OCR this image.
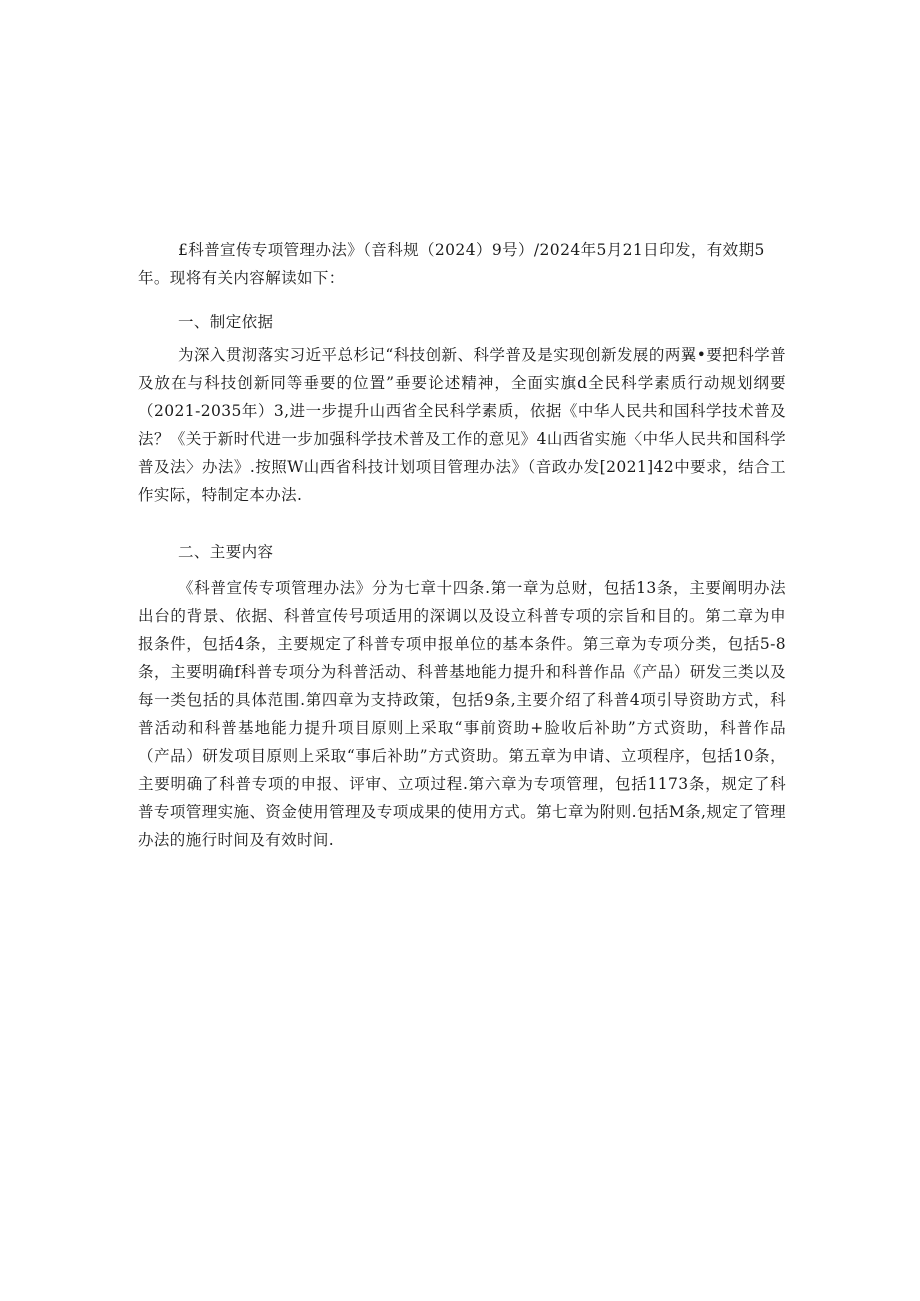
£科普宣传专项管理办法》（音科规（2024）9号）/2024年5月21日印发，有效期5年。现将有关内容解读如下：

一、制定依据

为深入贯沏落实习近平总杉记“科技创新、科学普及是实现创新发展的两翼•要把科学普及放在与科技创新同等垂要的位置”垂要论述精神，全面实旗d全民科学素质行动规划纲要（2021-2035年）3,进一步提升山西省全民科学素质，依据《中华人民共和国科学技术普及法？《关于新时代进一步加强科学技术普及工作的意见》4山西省实施〈中华人民共和国科学普及法〉办法》.按照W山西省科技计划项目管理办法》（音政办发[2021]42中要求，结合工作实际，特制定本办法.

二、主要内容

《科普宣传专项管理办法》分为七章十四条.第一章为总财，包括13条，主要阐明办法出台的背景、依据、科普宣传号项适用的深调以及设立科普专项的宗旨和目的。第二章为申报条件，包括4条，主要规定了科普专项申报单位的基本条件。第三章为专项分类，包括5-8条，主要明确f科普专项分为科普活动、科普基地能力提升和科普作品《产品）研发三类以及每一类包括的具体范围.第四章为支持政策，包括9条,主要介绍了科普4项引导资助方式，科普活动和科普基地能力提升项目原则上采取“事前资助+脸收后补助”方式资助，科普作品（产品）研发项目原则上采取“事后补助”方式资助。第五章为申请、立项程序，包括10条，主要明确了科普专项的申报、评审、立项过程.第六章为专项管理，包括1173条，规定了科普专项管理实施、资金使用管理及专项成果的使用方式。第七章为附则.包括M条,规定了管理办法的施行时间及有效时间.
